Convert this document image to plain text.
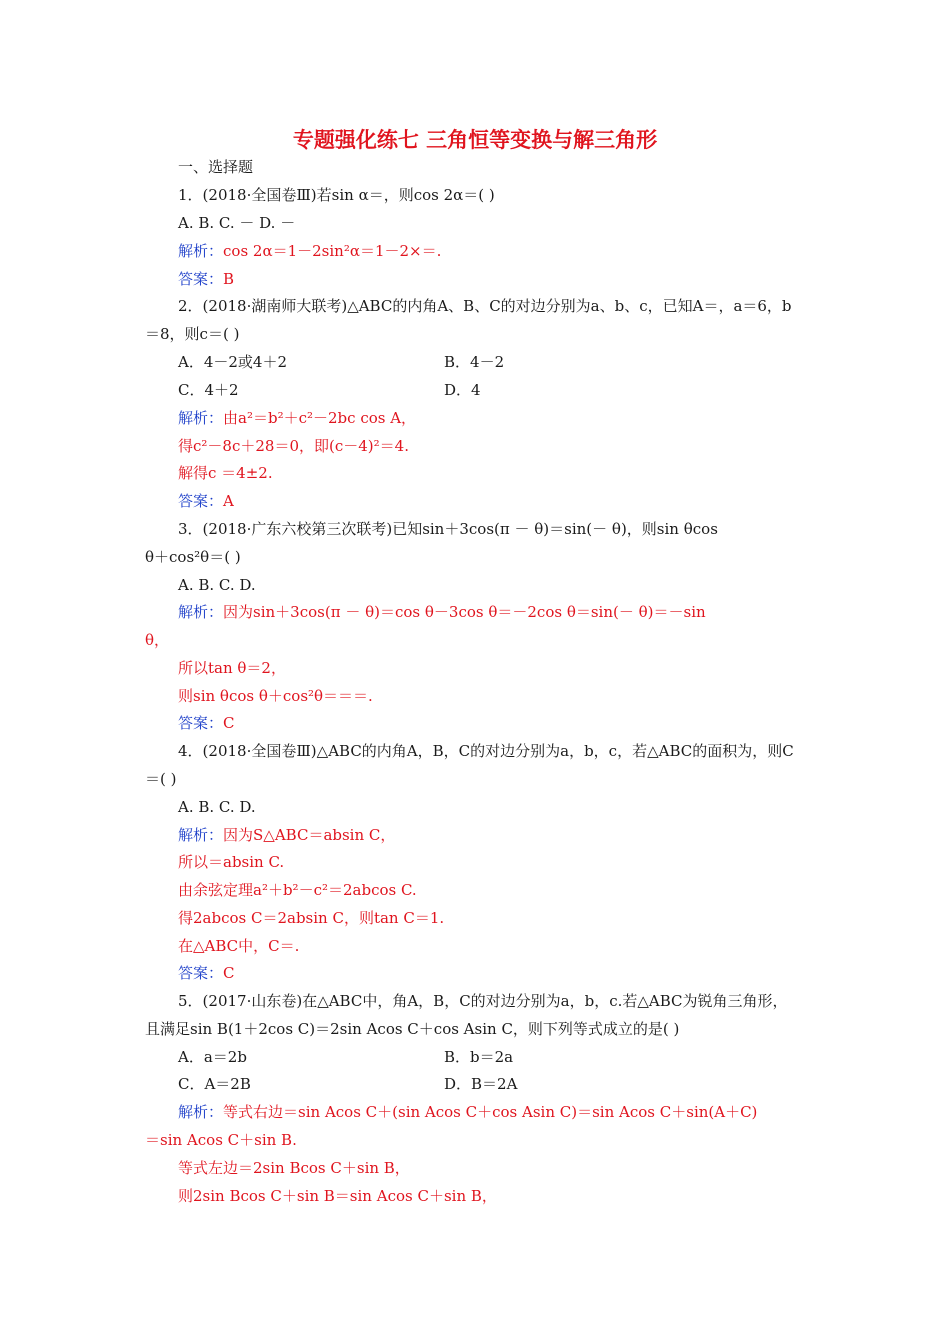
专题强化练七 三角恒等变换与解三角形
一、选择题
1．(2018·全国卷Ⅲ)若sin α＝，则cos 2α＝( )
A. B. C. － D. －
解析：cos 2α＝1－2sin²α＝1－2×＝.
答案：B
2．(2018·湖南师大联考)△ABC的内角A、B、C的对边分别为a、b、c，已知A＝，a＝6，b
＝8，则c＝( )
A．4－2或4＋2	B．4－2
C．4＋2	D．4
解析：由a²＝b²＋c²－2bc cos A，
得c²－8c＋28＝0，即(c－4)²＝4.
解得c ＝4±2.
答案：A
3．(2018·广东六校第三次联考)已知sin＋3cos(π － θ)＝sin(－ θ)，则sin θcos
θ＋cos²θ＝( )
A. B. C. D.
解析：因为sin＋3cos(π － θ)＝cos θ－3cos θ＝－2cos θ＝sin(－ θ)＝－sin
θ，
所以tan θ＝2，
则sin θcos θ＋cos²θ＝＝＝.
答案：C
4．(2018·全国卷Ⅲ)△ABC的内角A，B，C的对边分别为a，b，c，若△ABC的面积为，则C
＝( )
A. B. C. D.
解析：因为S△ABC＝absin C，
所以＝absin C.
由余弦定理a²＋b²－c²＝2abcos C.
得2abcos C＝2absin C，则tan C＝1.
在△ABC中，C＝.
答案：C
5．(2017·山东卷)在△ABC中，角A，B，C的对边分别为a，b，c.若△ABC为锐角三角形，
且满足sin B(1＋2cos C)＝2sin Acos C＋cos Asin C，则下列等式成立的是( )
A．a＝2b	B．b＝2a
C．A＝2B	D．B＝2A
解析：等式右边＝sin Acos C＋(sin Acos C＋cos Asin C)＝sin Acos C＋sin(A＋C)
＝sin Acos C＋sin B.
等式左边＝2sin Bcos C＋sin B，
则2sin Bcos C＋sin B＝sin Acos C＋sin B，
